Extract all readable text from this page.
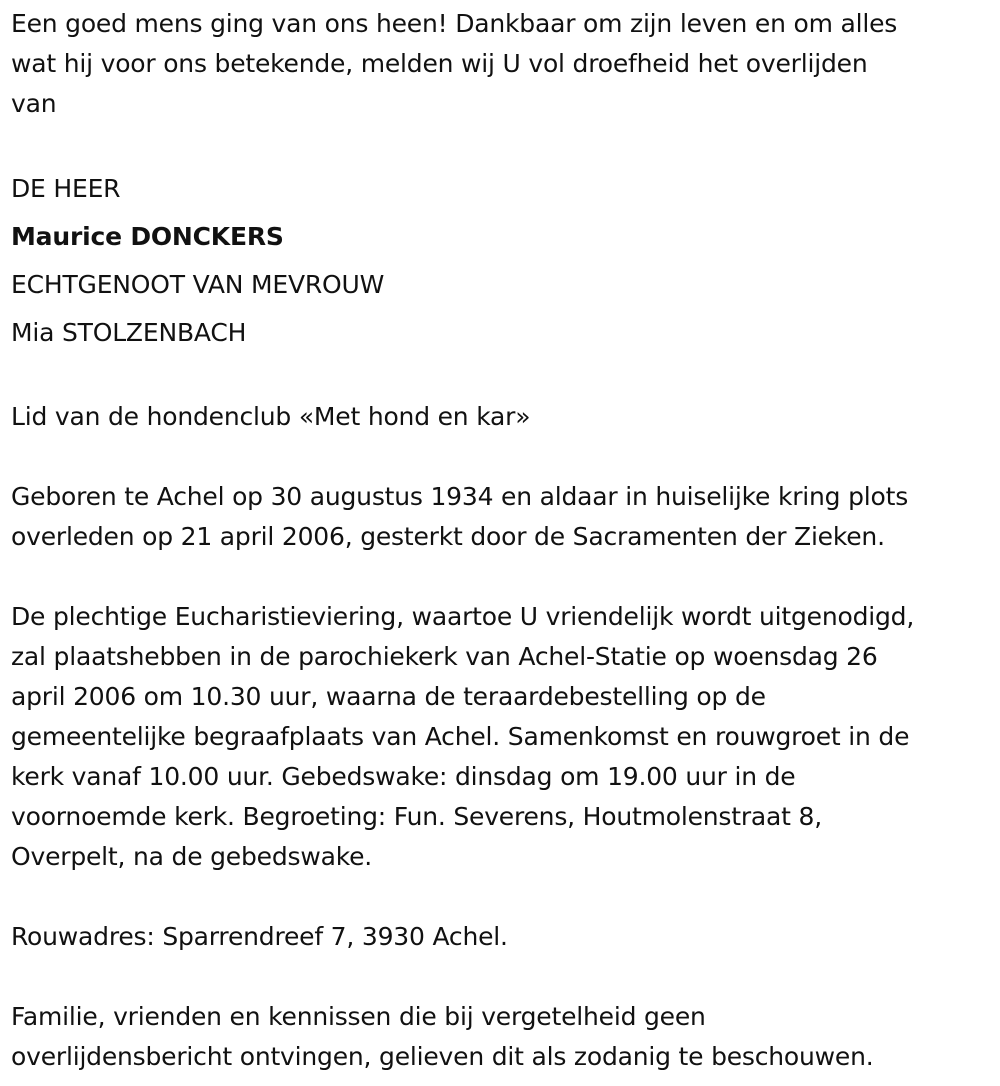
Een goed mens ging van ons heen! Dankbaar om zijn leven en om alles
wat hij voor ons betekende, melden wij U vol droefheid het overlijden
van

DE HEER
Maurice DONCKERS
ECHTGENOOT VAN MEVROUW
Mia STOLZENBACH

Lid van de hondenclub «Met hond en kar»

Geboren te Achel op 30 augustus 1934 en aldaar in huiselijke kring plots
overleden op 21 april 2006, gesterkt door de Sacramenten der Zieken.

De plechtige Eucharistieviering, waartoe U vriendelijk wordt uitgenodigd,
zal plaatshebben in de parochiekerk van Achel-Statie op woensdag 26
april 2006 om 10.30 uur, waarna de teraardebestelling op de
gemeentelijke begraafplaats van Achel. Samenkomst en rouwgroet in de
kerk vanaf 10.00 uur. Gebedswake: dinsdag om 19.00 uur in de
voornoemde kerk. Begroeting: Fun. Severens, Houtmolenstraat 8,
Overpelt, na de gebedswake.

Rouwadres: Sparrendreef 7, 3930 Achel.

Familie, vrienden en kennissen die bij vergetelheid geen
overlijdensbericht ontvingen, gelieven dit als zodanig te beschouwen.
